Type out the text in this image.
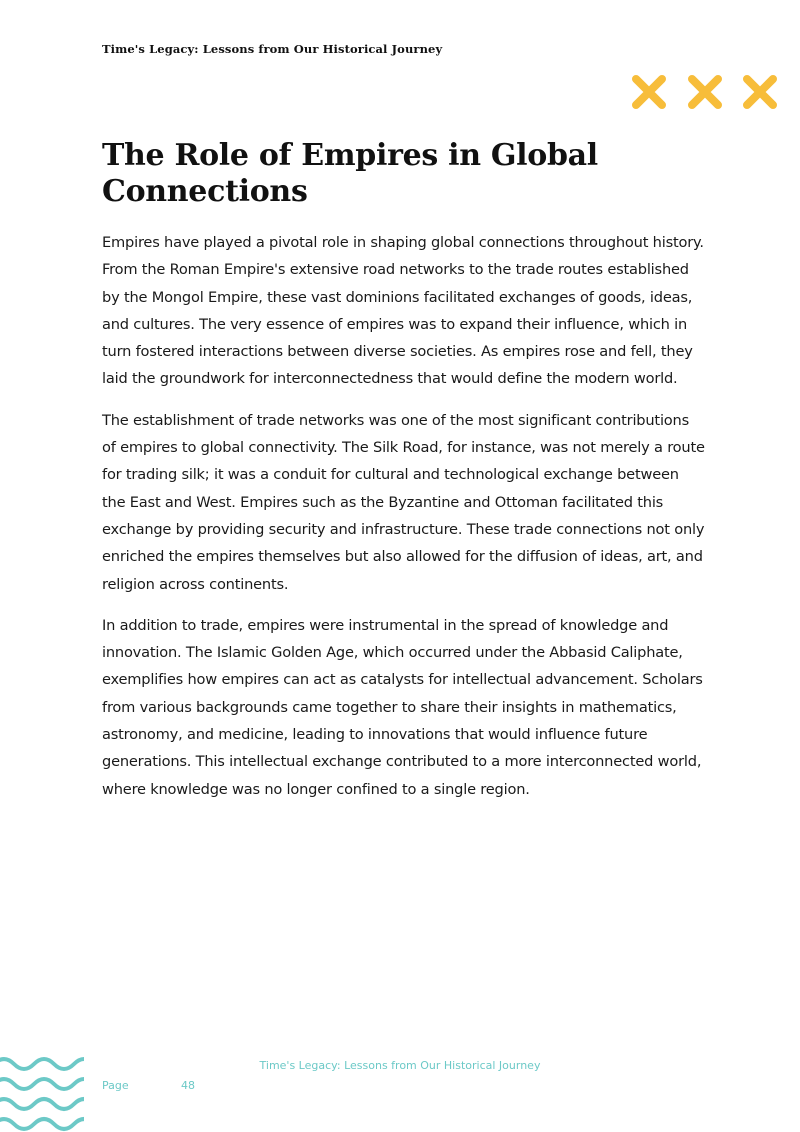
Time's Legacy: Lessons from Our Historical Journey
The Role of Empires in Global Connections

Empires have played a pivotal role in shaping global connections throughout history. From the Roman Empire's extensive road networks to the trade routes established by the Mongol Empire, these vast dominions facilitated exchanges of goods, ideas, and cultures. The very essence of empires was to expand their influence, which in turn fostered interactions between diverse societies. As empires rose and fell, they laid the groundwork for interconnectedness that would define the modern world.

The establishment of trade networks was one of the most significant contributions of empires to global connectivity. The Silk Road, for instance, was not merely a route for trading silk; it was a conduit for cultural and technological exchange between the East and West. Empires such as the Byzantine and Ottoman facilitated this exchange by providing security and infrastructure. These trade connections not only enriched the empires themselves but also allowed for the diffusion of ideas, art, and religion across continents.

In addition to trade, empires were instrumental in the spread of knowledge and innovation. The Islamic Golden Age, which occurred under the Abbasid Caliphate, exemplifies how empires can act as catalysts for intellectual advancement. Scholars from various backgrounds came together to share their insights in mathematics, astronomy, and medicine, leading to innovations that would influence future generations. This intellectual exchange contributed to a more interconnected world, where knowledge was no longer confined to a single region.

Time's Legacy: Lessons from Our Historical Journey
Page	48
